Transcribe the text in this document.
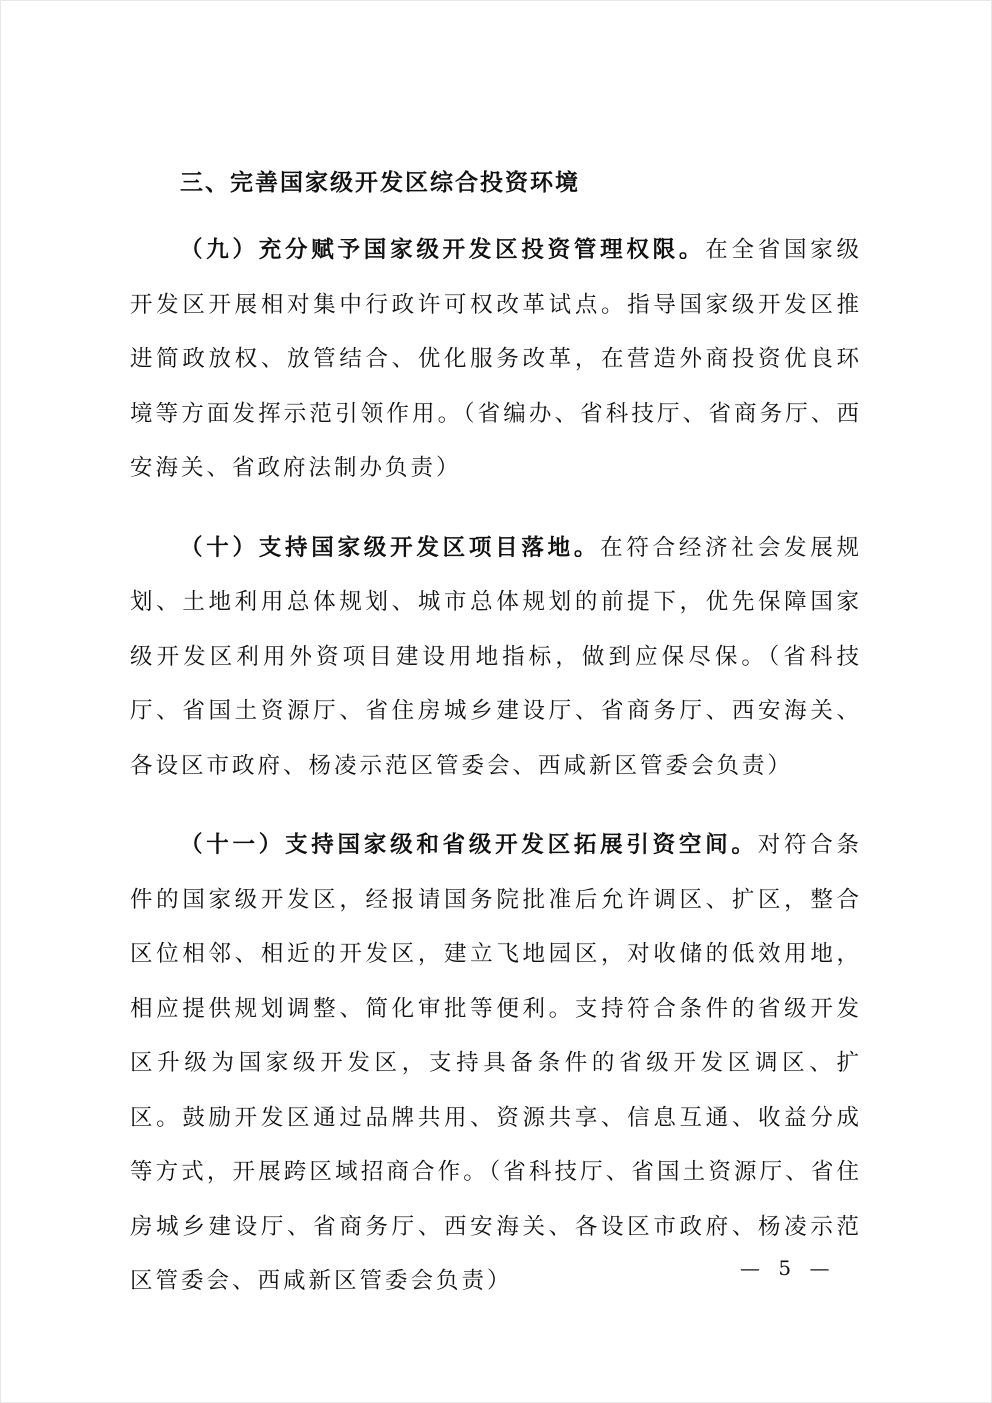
三、完善国家级开发区综合投资环境

（九）充分赋予国家级开发区投资管理权限。在全省国家级开发区开展相对集中行政许可权改革试点。指导国家级开发区推进简政放权、放管结合、优化服务改革，在营造外商投资优良环境等方面发挥示范引领作用。（省编办、省科技厅、省商务厅、西安海关、省政府法制办负责）

（十）支持国家级开发区项目落地。在符合经济社会发展规划、土地利用总体规划、城市总体规划的前提下，优先保障国家级开发区利用外资项目建设用地指标，做到应保尽保。（省科技厅、省国土资源厅、省住房城乡建设厅、省商务厅、西安海关、各设区市政府、杨凌示范区管委会、西咸新区管委会负责）

（十一）支持国家级和省级开发区拓展引资空间。对符合条件的国家级开发区，经报请国务院批准后允许调区、扩区，整合区位相邻、相近的开发区，建立飞地园区，对收储的低效用地，相应提供规划调整、简化审批等便利。支持符合条件的省级开发区升级为国家级开发区，支持具备条件的省级开发区调区、扩区。鼓励开发区通过品牌共用、资源共享、信息互通、收益分成等方式，开展跨区域招商合作。（省科技厅、省国土资源厅、省住房城乡建设厅、省商务厅、西安海关、各设区市政府、杨凌示范区管委会、西咸新区管委会负责）	— 5 —
